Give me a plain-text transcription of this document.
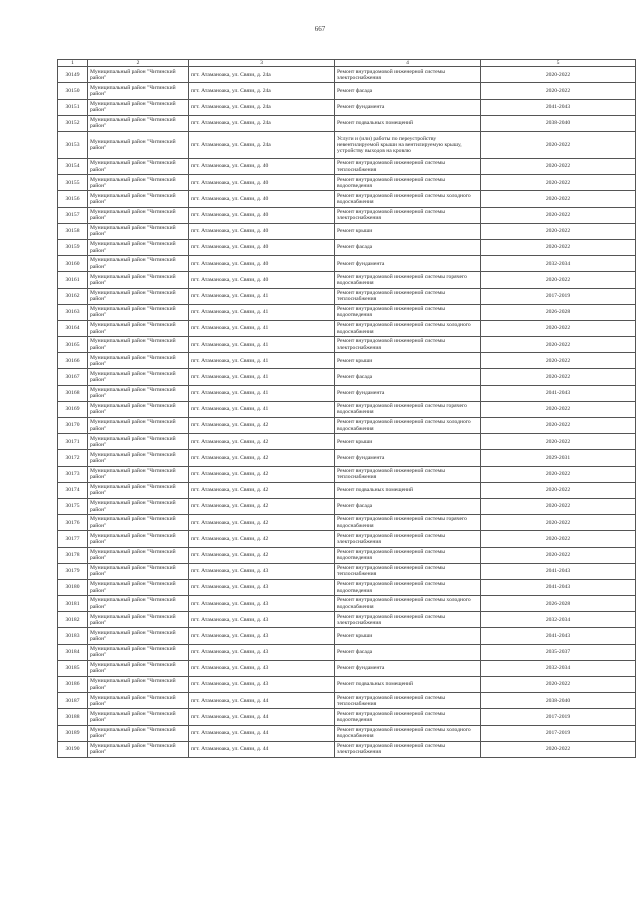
667
1	2	3	4	5
30149	Муниципальный район "Читинский район"	пгт. Атаманоака, ул. Связи, д. 24а	Ремонт внутридомовой инженерной системы электроснабжения	2020-2022
30150	Муниципальный район "Читинский район"	пгт. Атаманоака, ул. Связи, д. 24а	Ремонт фасада	2020-2022
30151	Муниципальный район "Читинский район"	пгт. Атаманоака, ул. Связи, д. 24а	Ремонт фундамента	2041-2043
30152	Муниципальный район "Читинский район"	пгт. Атаманоака, ул. Связи, д. 24а	Ремонт подвальных помещений	2038-2040
30153	Муниципальный район "Читинский район"	пгт. Атаманоака, ул. Связи, д. 24а	Услуги и (или) работы по переустройству невентилируемой крыши на вентилируемую крышу, устройству выходов на кровлю	2020-2022
30154	Муниципальный район "Читинский район"	пгт. Атаманоака, ул. Связи, д. 40	Ремонт внутридомовой инженерной системы теплоснабжения	2020-2022
30155	Муниципальный район "Читинский район"	пгт. Атаманоака, ул. Связи, д. 40	Ремонт внутридомовой инженерной системы водоотведения	2020-2022
30156	Муниципальный район "Читинский район"	пгт. Атаманоака, ул. Связи, д. 40	Ремонт внутридомовой инженерной системы холодного водоснабжения	2020-2022
30157	Муниципальный район "Читинский район"	пгт. Атаманоака, ул. Связи, д. 40	Ремонт внутридомовой инженерной системы электроснабжения	2020-2022
30158	Муниципальный район "Читинский район"	пгт. Атаманоака, ул. Связи, д. 40	Ремонт крыши	2020-2022
30159	Муниципальный район "Читинский район"	пгт. Атаманоака, ул. Связи, д. 40	Ремонт фасада	2020-2022
30160	Муниципальный район "Читинский район"	пгт. Атаманоака, ул. Связи, д. 40	Ремонт фундамента	2032-2034
30161	Муниципальный район "Читинский район"	пгт. Атаманоака, ул. Связи, д. 40	Ремонт внутридомовой инженерной системы горячего водоснабжения	2020-2022
30162	Муниципальный район "Читинский район"	пгт. Атаманоака, ул. Связи, д. 41	Ремонт внутридомовой инженерной системы теплоснабжения	2017-2019
30163	Муниципальный район "Читинский район"	пгт. Атаманоака, ул. Связи, д. 41	Ремонт внутридомовой инженерной системы водоотведения	2026-2028
30164	Муниципальный район "Читинский район"	пгт. Атаманоака, ул. Связи, д. 41	Ремонт внутридомовой инженерной системы холодного водоснабжения	2020-2022
30165	Муниципальный район "Читинский район"	пгт. Атаманоака, ул. Связи, д. 41	Ремонт внутридомовой инженерной системы электроснабжения	2020-2022
30166	Муниципальный район "Читинский район"	пгт. Атаманоака, ул. Связи, д. 41	Ремонт крыши	2020-2022
30167	Муниципальный район "Читинский район"	пгт. Атаманоака, ул. Связи, д. 41	Ремонт фасада	2020-2022
30168	Муниципальный район "Читинский район"	пгт. Атаманоака, ул. Связи, д. 41	Ремонт фундамента	2041-2043
30169	Муниципальный район "Читинский район"	пгт. Атаманоака, ул. Связи, д. 41	Ремонт внутридомовой инженерной системы горячего водоснабжения	2020-2022
30170	Муниципальный район "Читинский район"	пгт. Атаманоака, ул. Связи, д. 42	Ремонт внутридомовой инженерной системы холодного водоснабжения	2020-2022
30171	Муниципальный район "Читинский район"	пгт. Атаманоака, ул. Связи, д. 42	Ремонт крыши	2020-2022
30172	Муниципальный район "Читинский район"	пгт. Атаманоака, ул. Связи, д. 42	Ремонт фундамента	2029-2031
30173	Муниципальный район "Читинский район"	пгт. Атаманоака, ул. Связи, д. 42	Ремонт внутридомовой инженерной системы теплоснабжения	2020-2022
30174	Муниципальный район "Читинский район"	пгт. Атаманоака, ул. Связи, д. 42	Ремонт подвальных помещений	2020-2022
30175	Муниципальный район "Читинский район"	пгт. Атаманоака, ул. Связи, д. 42	Ремонт фасада	2020-2022
30176	Муниципальный район "Читинский район"	пгт. Атаманоака, ул. Связи, д. 42	Ремонт внутридомовой инженерной системы горячего водоснабжения	2020-2022
30177	Муниципальный район "Читинский район"	пгт. Атаманоака, ул. Связи, д. 42	Ремонт внутридомовой инженерной системы электроснабжения	2020-2022
30178	Муниципальный район "Читинский район"	пгт. Атаманоака, ул. Связи, д. 42	Ремонт внутридомовой инженерной системы водоотведения	2020-2022
30179	Муниципальный район "Читинский район"	пгт. Атаманоака, ул. Связи, д. 43	Ремонт внутридомовой инженерной системы теплоснабжения	2041-2043
30180	Муниципальный район "Читинский район"	пгт. Атаманоака, ул. Связи, д. 43	Ремонт внутридомовой инженерной системы водоотведения	2041-2043
30181	Муниципальный район "Читинский район"	пгт. Атаманоака, ул. Связи, д. 43	Ремонт внутридомовой инженерной системы холодного водоснабжения	2026-2028
30182	Муниципальный район "Читинский район"	пгт. Атаманоака, ул. Связи, д. 43	Ремонт внутридомовой инженерной системы электроснабжения	2032-2034
30183	Муниципальный район "Читинский район"	пгт. Атаманоака, ул. Связи, д. 43	Ремонт крыши	2041-2043
30184	Муниципальный район "Читинский район"	пгт. Атаманоака, ул. Связи, д. 43	Ремонт фасада	2035-2037
30185	Муниципальный район "Читинский район"	пгт. Атаманоака, ул. Связи, д. 43	Ремонт фундамента	2032-2034
30186	Муниципальный район "Читинский район"	пгт. Атаманоака, ул. Связи, д. 43	Ремонт подвальных помещений	2020-2022
30187	Муниципальный район "Читинский район"	пгт. Атаманоака, ул. Связи, д. 44	Ремонт внутридомовой инженерной системы теплоснабжения	2038-2040
30188	Муниципальный район "Читинский район"	пгт. Атаманоака, ул. Связи, д. 44	Ремонт внутридомовой инженерной системы водоотведения	2017-2019
30189	Муниципальный район "Читинский район"	пгт. Атаманоака, ул. Связи, д. 44	Ремонт внутридомовой инженерной системы холодного водоснабжения	2017-2019
30190	Муниципальный район "Читинский район"	пгт. Атаманоака, ул. Связи, д. 44	Ремонт внутридомовой инженерной системы электроснабжения	2020-2022
